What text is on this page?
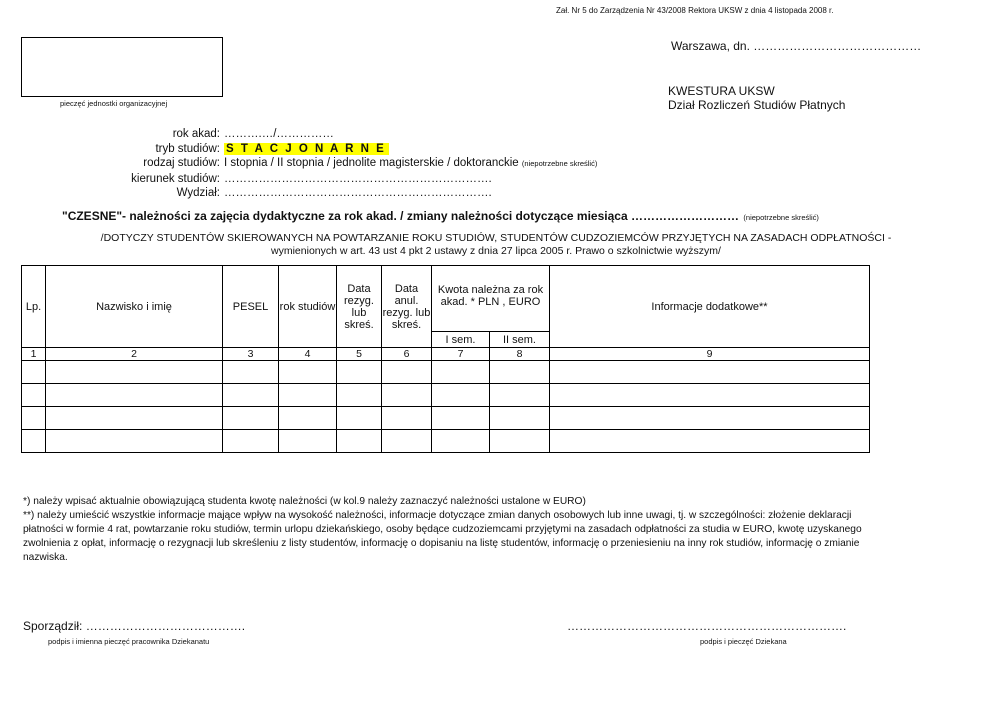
Zał. Nr 5 do Zarządzenia Nr 43/2008 Rektora UKSW z dnia 4 listopada 2008 r.
Warszawa, dn. ……………………………………
pieczęć jednostki organizacyjnej
KWESTURA UKSW
Dział Rozliczeń Studiów Płatnych
rok akad: ……….…/……………
tryb studiów: S T A C J O N A R N E
rodzaj studiów: I stopnia / II stopnia / jednolite magisterskie / doktoranckie (niepotrzebne skreślić)
kierunek studiów: …………………………………………………………….
Wydział: …………………………………………………………….
"CZESNE"- należności za zajęcia dydaktyczne za rok akad. / zmiany należności dotyczące miesiąca ……………………… (niepotrzebne skreślić)
/DOTYCZY STUDENTÓW SKIEROWANYCH NA POWTARZANIE ROKU STUDIÓW, STUDENTÓW CUDZOZIEMCÓW PRZYJĘTYCH NA ZASADACH ODPŁATNOŚCI -
wymienionych w art. 43 ust 4 pkt 2 ustawy z dnia 27 lipca 2005 r. Prawo o szkolnictwie wyższym/
Lp.	Nazwisko i imię	PESEL	rok studiów	Data rezyg. lub skreś.	Data anul. rezyg. lub skreś.	Kwota należna za rok akad. * PLN , EURO		Informacje dodatkowe**
						I sem.	II sem.	
1	2	3	4	5	6	7	8	9

*) należy wpisać aktualnie obowiązującą studenta kwotę należności (w kol.9 należy zaznaczyć należności ustalone w EURO)
**) należy umieścić wszystkie informacje mające wpływ na wysokość należności, informacje dotyczące zmian danych osobowych lub inne uwagi, tj. w szczególności: złożenie deklaracji płatności w formie 4 rat, powtarzanie roku studiów, termin urlopu dziekańskiego, osoby będące cudzoziemcami przyjętymi na zasadach odpłatności za studia w EURO, kwotę uzyskanego zwolnienia z opłat, informację o rezygnacji lub skreśleniu z listy studentów, informację o dopisaniu na listę studentów, informację o przeniesieniu na inny rok studiów, informację o zmianie nazwiska.
Sporządził: ………………………………….
podpis i imienna pieczęć pracownika Dziekanatu
…………………………………………………………….
podpis i pieczęć Dziekana
